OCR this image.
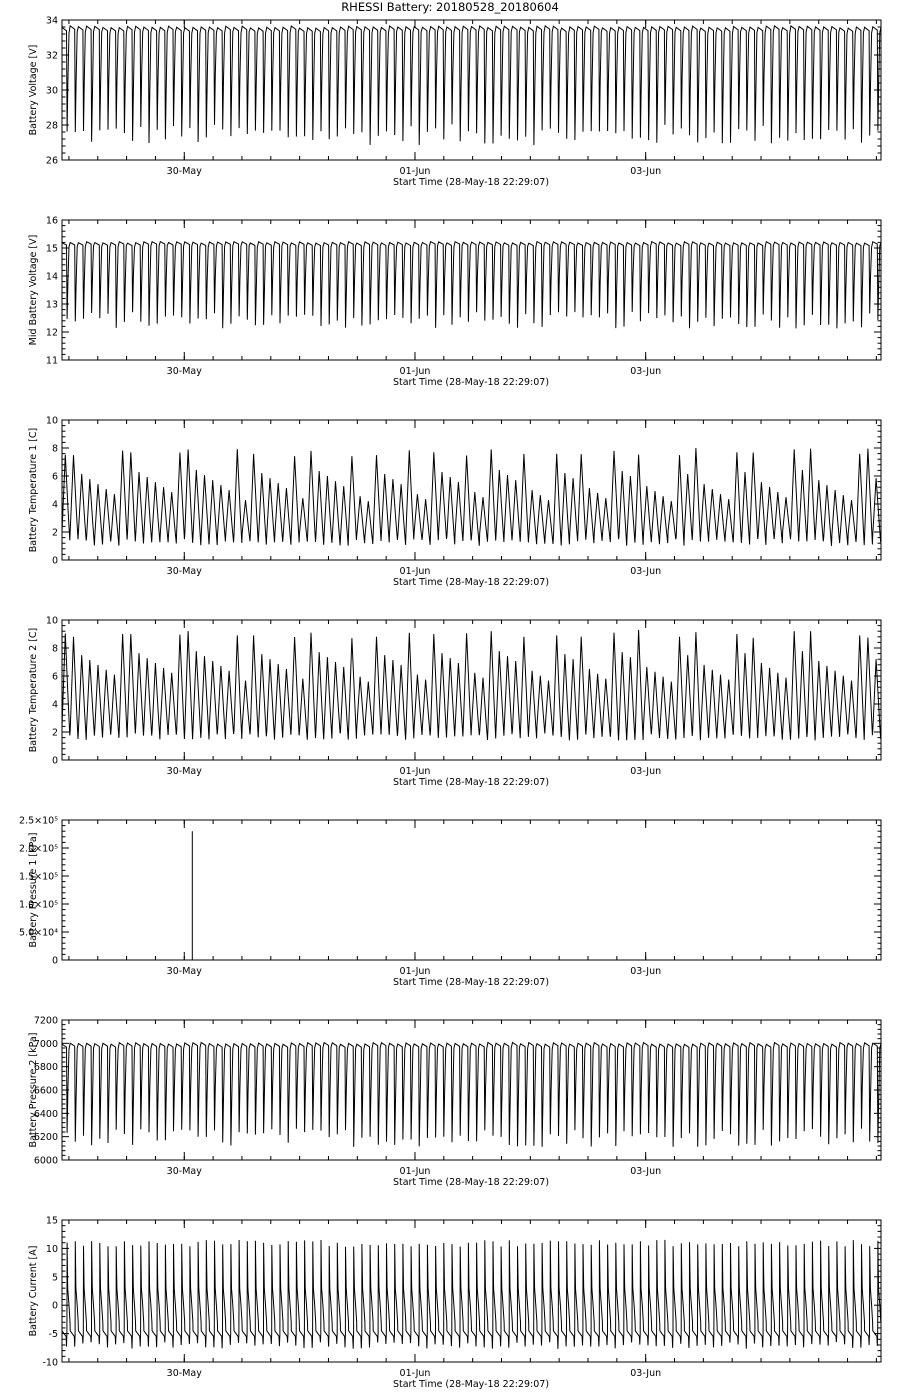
RHESSI Battery: 20180528_20180604
26
28
30
32
34
30-May	01-Jun	03-Jun
Start Time (28-May-18 22:29:07)
Battery Voltage [V]
11
12
13
14
15
16
30-May	01-Jun	03-Jun
Start Time (28-May-18 22:29:07)
Mid Battery Voltage [V]
0
2
4
6
8
10
30-May	01-Jun	03-Jun
Start Time (28-May-18 22:29:07)
Battery Temperature 1 [C]
0
2
4
6
8
10
30-May	01-Jun	03-Jun
Start Time (28-May-18 22:29:07)
Battery Temperature 2 [C]
0
5.0×10⁴
1.0×10⁵
1.5×10⁵
2.0×10⁵
2.5×10⁵
30-May	01-Jun	03-Jun
Start Time (28-May-18 22:29:07)
Battery Pressure 1 [kPa]
6000
6200
6400
6600
6800
7000
7200
30-May	01-Jun	03-Jun
Start Time (28-May-18 22:29:07)
Battery Pressure 2 [kPa]
-10
-5
0
5
10
15
30-May	01-Jun	03-Jun
Start Time (28-May-18 22:29:07)
Battery Current [A]
